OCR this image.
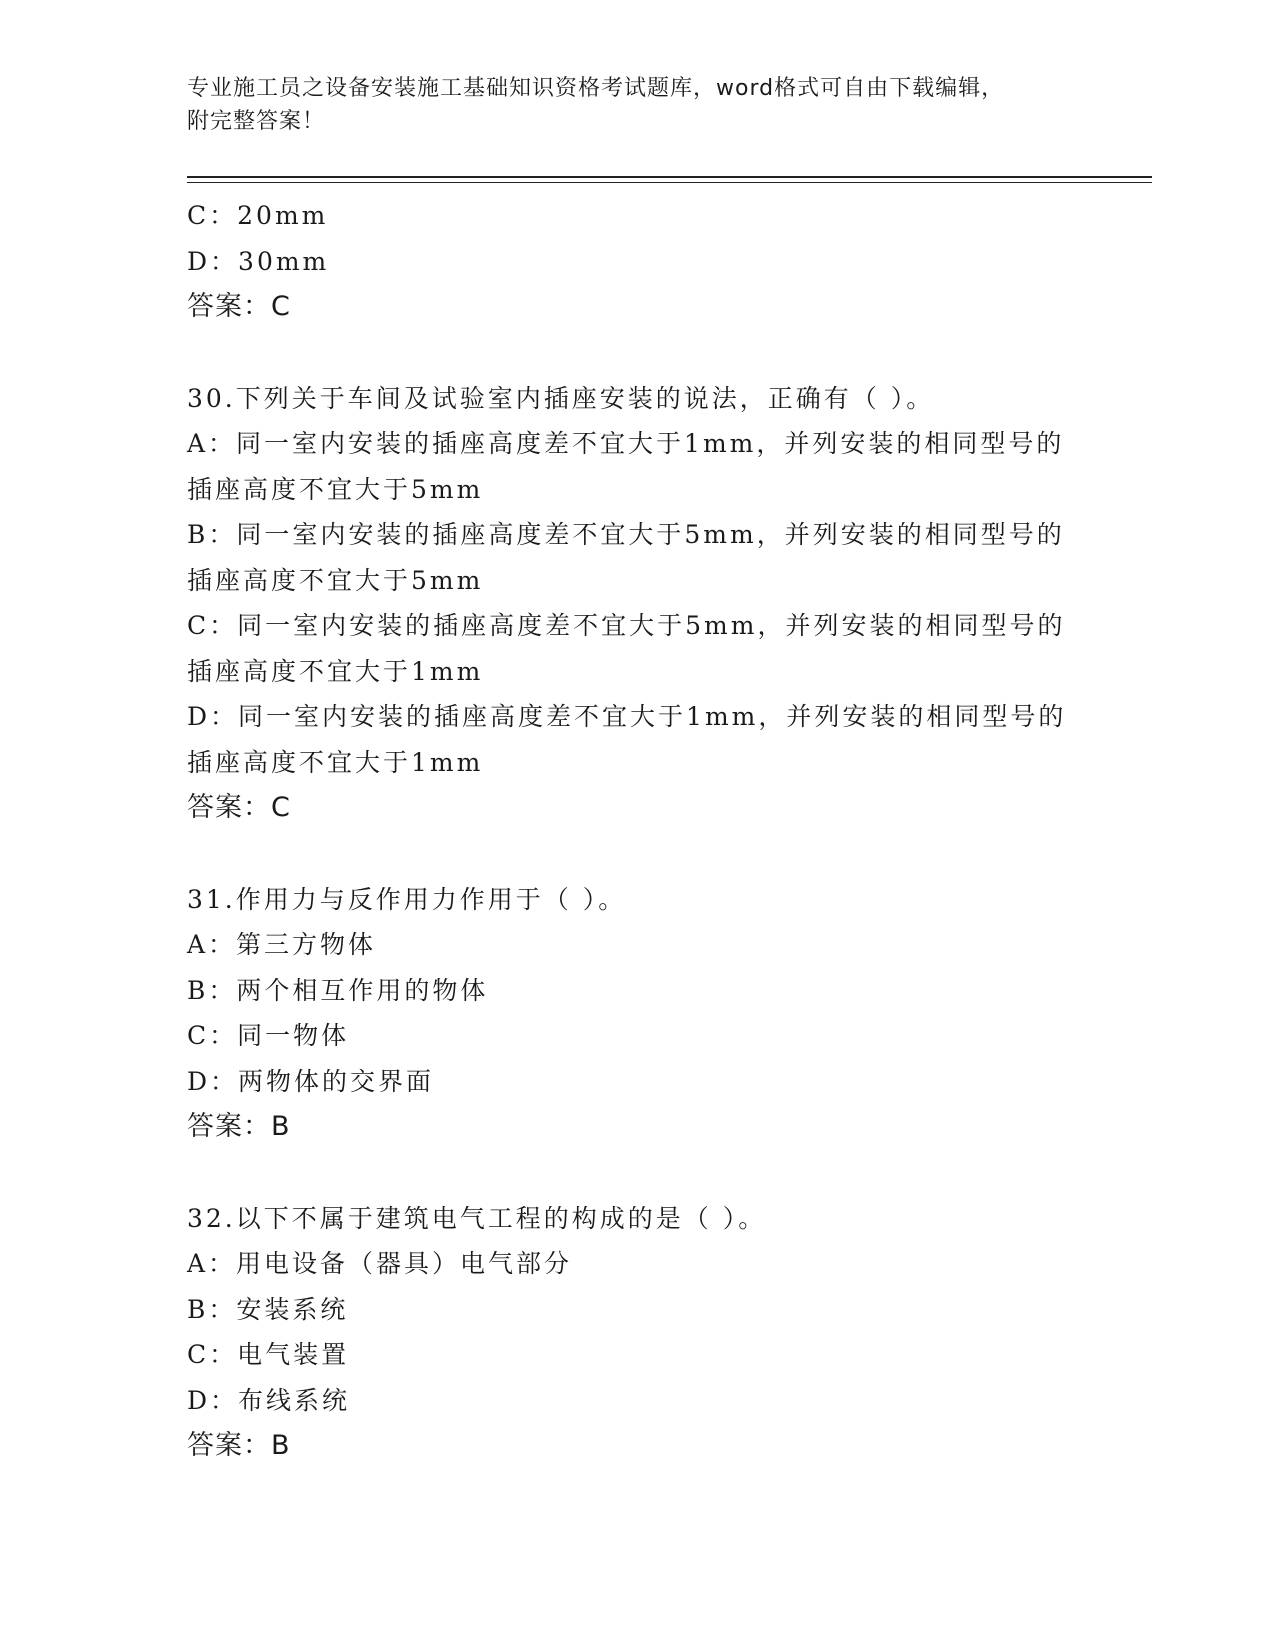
专业施工员之设备安装施工基础知识资格考试题库，word格式可自由下载编辑，
附完整答案！
C：20mm
D：30mm
答案：C
30.下列关于车间及试验室内插座安装的说法，正确有（ ）。
A：同一室内安装的插座高度差不宜大于1mm，并列安装的相同型号的
插座高度不宜大于5mm
B：同一室内安装的插座高度差不宜大于5mm，并列安装的相同型号的
插座高度不宜大于5mm
C：同一室内安装的插座高度差不宜大于5mm，并列安装的相同型号的
插座高度不宜大于1mm
D：同一室内安装的插座高度差不宜大于1mm，并列安装的相同型号的
插座高度不宜大于1mm
答案：C
31.作用力与反作用力作用于（ ）。
A：第三方物体
B：两个相互作用的物体
C：同一物体
D：两物体的交界面
答案：B
32.以下不属于建筑电气工程的构成的是（ ）。
A：用电设备（器具）电气部分
B：安装系统
C：电气装置
D：布线系统
答案：B
